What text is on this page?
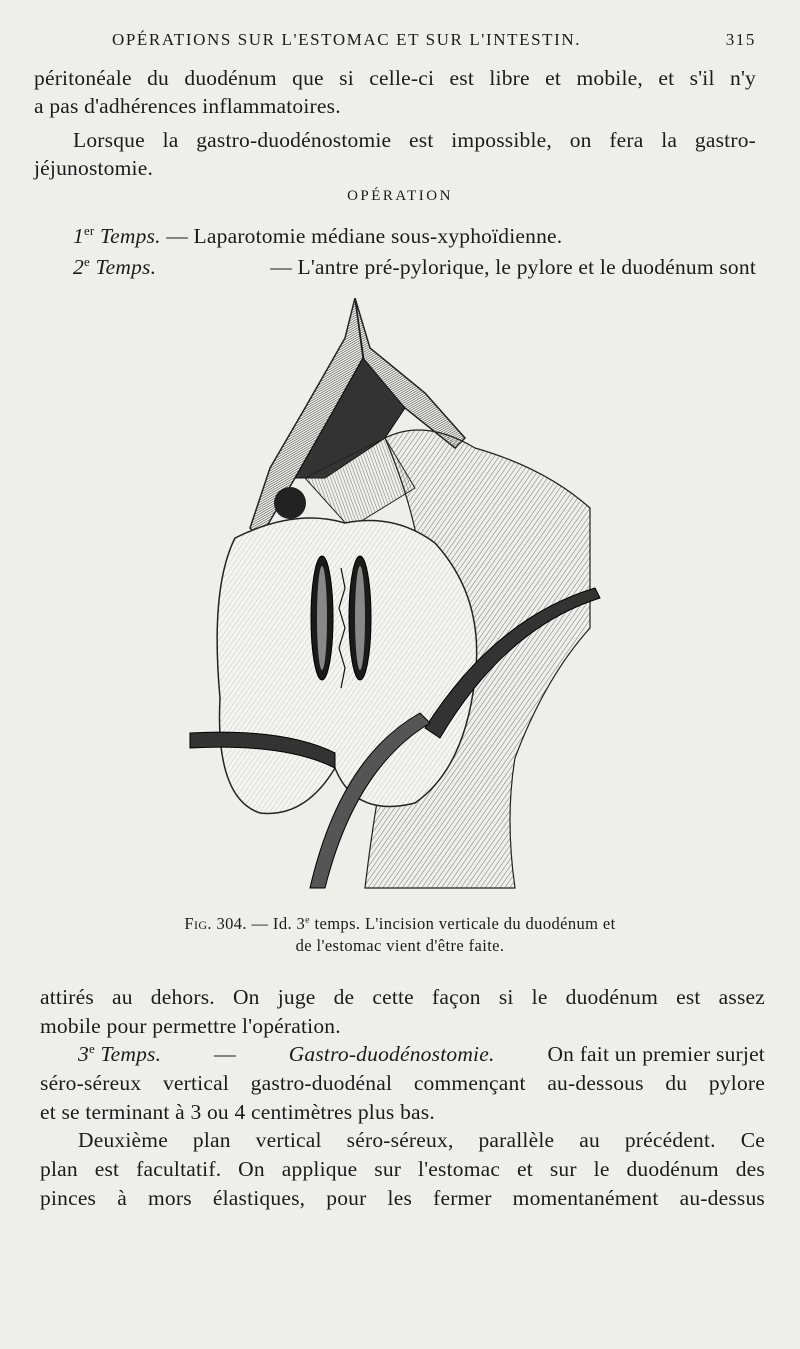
OPÉRATIONS SUR L'ESTOMAC ET SUR L'INTESTIN.	315
péritonéale du duodénum que si celle-ci est libre et mobile, et s'il n'y
a pas d'adhérences inflammatoires.
Lorsque la gastro-duodénostomie est impossible, on fera la gastro-
jéjunostomie.
OPÉRATION
1er Temps. — Laparotomie médiane sous-xyphoïdienne.
2e Temps.	— L'antre pré-pylorique, le pylore et le duodénum sont
Fig. 304. — Id. 3e temps. L'incision verticale du duodénum et
de l'estomac vient d'être faite.
attirés au dehors. On juge de cette façon si le duodénum est assez
mobile pour permettre l'opération.
3e Temps. — Gastro-duodénostomie. On fait un premier surjet
séro-séreux vertical gastro-duodénal commençant au-dessous du pylore
et se terminant à 3 ou 4 centimètres plus bas.
Deuxième plan vertical séro-séreux, parallèle au précédent. Ce
plan est facultatif. On applique sur l'estomac et sur le duodénum des
pinces à mors élastiques, pour les fermer momentanément au-dessus
